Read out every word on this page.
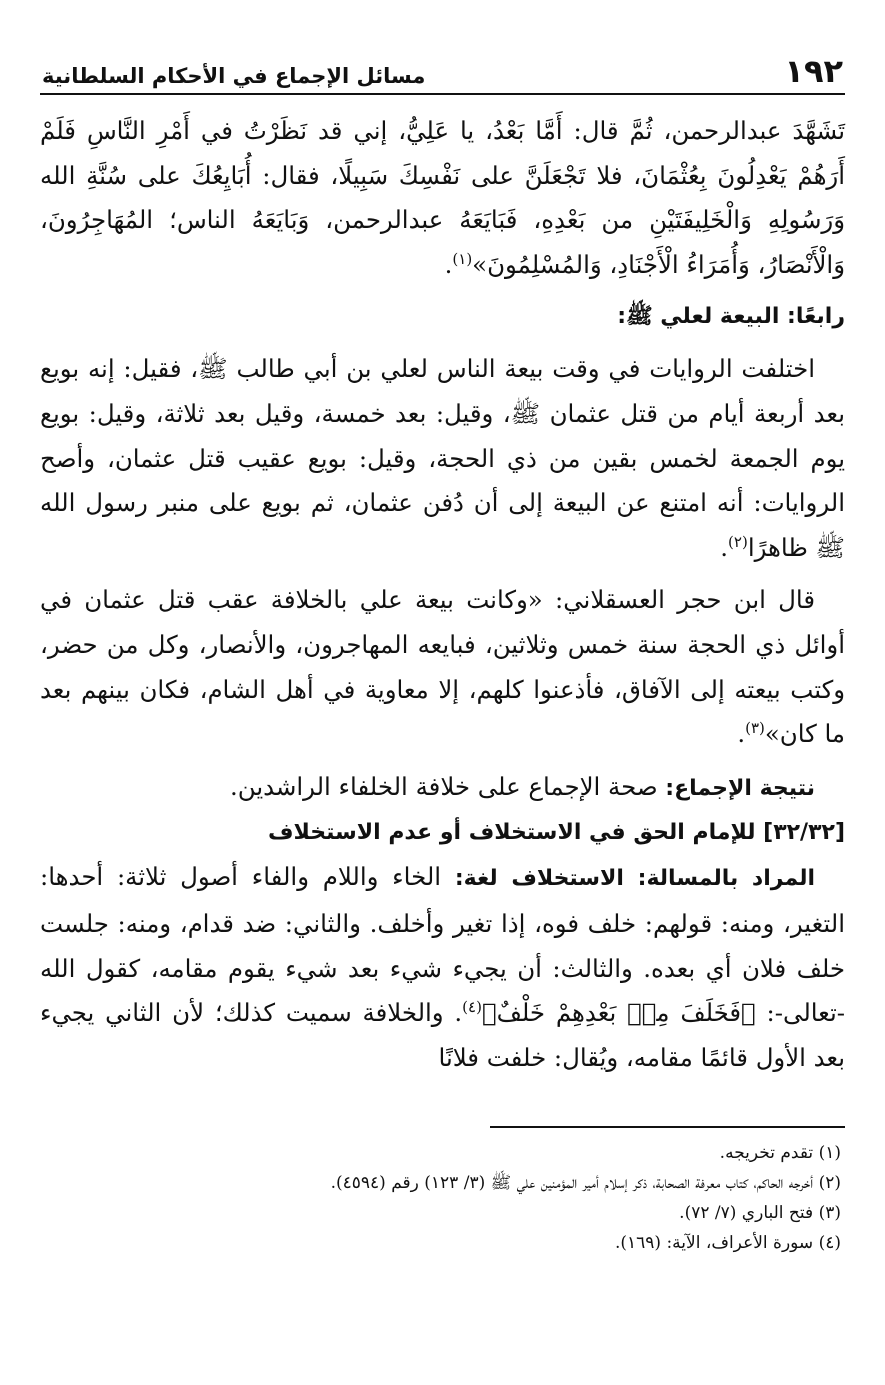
١٩٢
مسائل الإجماع في الأحكام السلطانية

تَشَهَّدَ عبدالرحمن، ثُمَّ قال: أَمَّا بَعْدُ، يا عَلِيُّ، إني قد نَظَرْتُ في أَمْرِ النَّاسِ فَلَمْ أَرَهُمْ يَعْدِلُونَ بِعُثْمَانَ، فلا تَجْعَلَنَّ على نَفْسِكَ سَبِيلًا، فقال: أُبَايِعُكَ على سُنَّةِ الله وَرَسُولِهِ وَالْخَلِيفَتَيْنِ من بَعْدِهِ، فَبَايَعَهُ عبدالرحمن، وَبَايَعَهُ الناس؛ المُهَاجِرُونَ، وَالْأَنْصَارُ، وَأُمَرَاءُ الْأَجْنَادِ، وَالمُسْلِمُونَ»$^{(١)}$.

رابعًا: البيعة لعلي ﷺ:

اختلفت الروايات في وقت بيعة الناس لعلي بن أبي طالب ﷺ، فقيل: إنه بويع بعد أربعة أيام من قتل عثمان ﷺ، وقيل: بعد خمسة، وقيل بعد ثلاثة، وقيل: بويع يوم الجمعة لخمس بقين من ذي الحجة، وقيل: بويع عقيب قتل عثمان، وأصح الروايات: أنه امتنع عن البيعة إلى أن دُفن عثمان، ثم بويع على منبر رسول الله ﷺ ظاهرًا$^{(٢)}$.

قال ابن حجر العسقلاني: «وكانت بيعة علي بالخلافة عقب قتل عثمان في أوائل ذي الحجة سنة خمس وثلاثين، فبايعه المهاجرون، والأنصار، وكل من حضر، وكتب بيعته إلى الآفاق، فأذعنوا كلهم، إلا معاوية في أهل الشام، فكان بينهم بعد ما كان»$^{(٣)}$.

نتيجة الإجماع: صحة الإجماع على خلافة الخلفاء الراشدين.

[٣٢/٣٢] للإمام الحق في الاستخلاف أو عدم الاستخلاف

المراد بالمسالة: الاستخلاف لغة: الخاء واللام والفاء أصول ثلاثة: أحدها: التغير، ومنه: قولهم: خلف فوه، إذا تغير وأخلف. والثاني: ضد قدام، ومنه: جلست خلف فلان أي بعده. والثالث: أن يجيء شيء بعد شيء يقوم مقامه، كقول الله -تعالى-: ﴿فَخَلَفَ مِنۢ بَعْدِهِمْ خَلْفٌ﴾$^{(٤)}$. والخلافة سميت كذلك؛ لأن الثاني يجيء بعد الأول قائمًا مقامه، ويُقال: خلفت فلانًا

(١) تقدم تخريجه.
(٢) أخرجه الحاكم، كتاب معرفة الصحابة، ذكر إسلام أمير المؤمنين علي ﷺ (٣/ ١٢٣) رقم (٤٥٩٤).
(٣) فتح الباري (٧/ ٧٢).
(٤) سورة الأعراف، الآية: (١٦٩).
